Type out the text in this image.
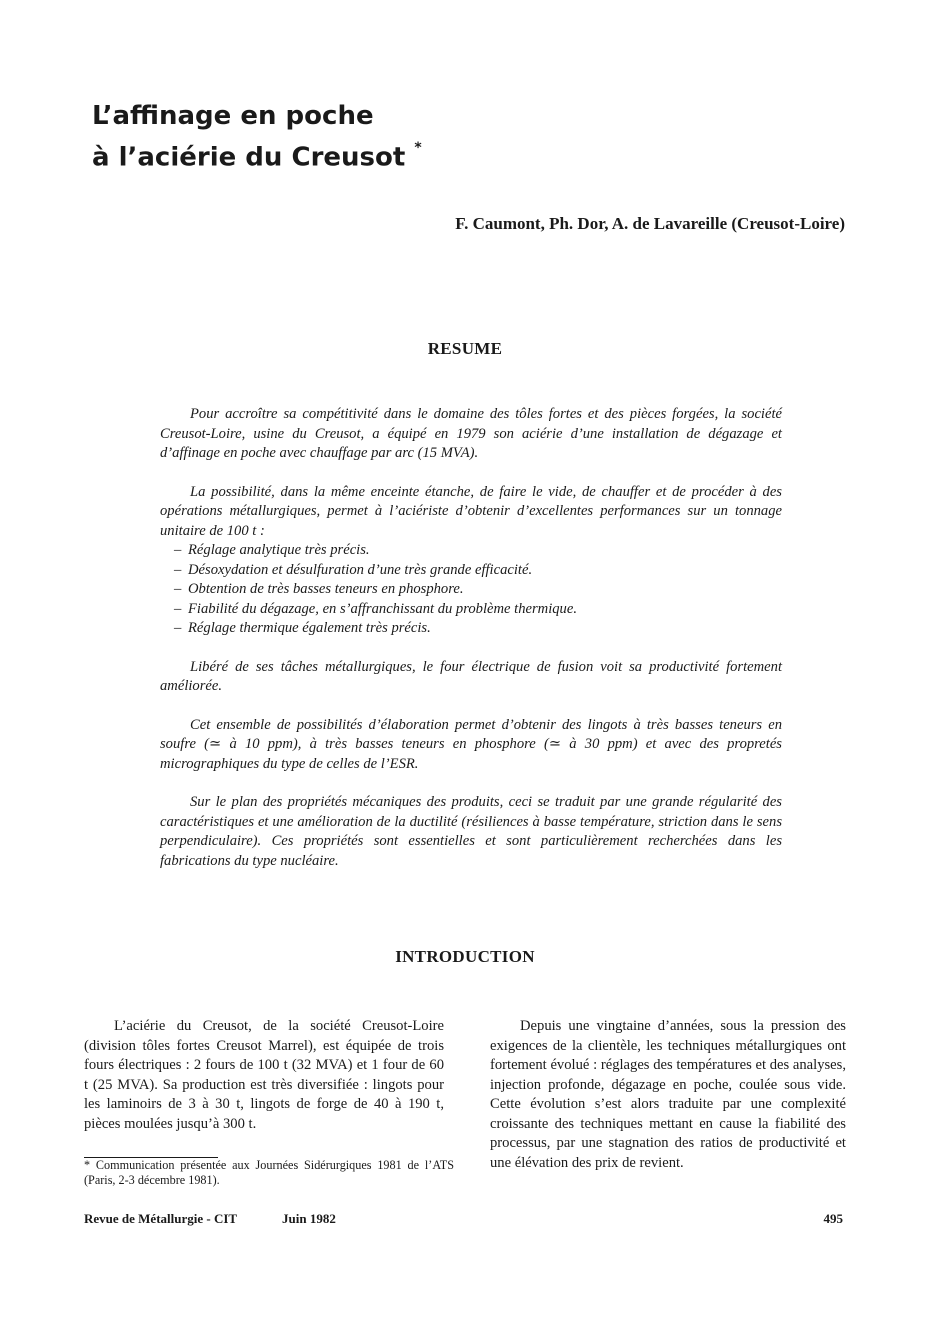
L’affinage en poche
à l’aciérie du Creusot *

F. Caumont, Ph. Dor, A. de Lavareille (Creusot-Loire)

RESUME

Pour accroître sa compétitivité dans le domaine des tôles fortes et des pièces forgées, la société Creusot-Loire, usine du Creusot, a équipé en 1979 son aciérie d’une installation de dégazage et d’affinage en poche avec chauffage par arc (15 MVA).

La possibilité, dans la même enceinte étanche, de faire le vide, de chauffer et de procéder à des opérations métallurgiques, permet à l’aciériste d’obtenir d’excellentes performances sur un tonnage unitaire de 100 t :

– Réglage analytique très précis.
– Désoxydation et désulfuration d’une très grande efficacité.
– Obtention de très basses teneurs en phosphore.
– Fiabilité du dégazage, en s’affranchissant du problème thermique.
– Réglage thermique également très précis.

Libéré de ses tâches métallurgiques, le four électrique de fusion voit sa productivité fortement améliorée.

Cet ensemble de possibilités d’élaboration permet d’obtenir des lingots à très basses teneurs en soufre (≃ à 10 ppm), à très basses teneurs en phosphore (≃ à 30 ppm) et avec des propretés micrographiques du type de celles de l’ESR.

Sur le plan des propriétés mécaniques des produits, ceci se traduit par une grande régularité des caractéristiques et une amélioration de la ductilité (résiliences à basse température, striction dans le sens perpendiculaire). Ces propriétés sont essentielles et sont particulièrement recherchées dans les fabrications du type nucléaire.

INTRODUCTION

L’aciérie du Creusot, de la société Creusot-Loire (division tôles fortes Creusot Marrel), est équipée de trois fours électriques : 2 fours de 100 t (32 MVA) et 1 four de 60 t (25 MVA). Sa production est très diversifiée : lingots pour les laminoirs de 3 à 30 t, lingots de forge de 40 à 190 t, pièces moulées jusqu’à 300 t.

Depuis une vingtaine d’années, sous la pression des exigences de la clientèle, les techniques métallurgiques ont fortement évolué : réglages des températures et des analyses, injection profonde, dégazage en poche, coulée sous vide. Cette évolution s’est alors traduite par une complexité croissante des techniques mettant en cause la fiabilité des processus, par une stagnation des ratios de productivité et une élévation des prix de revient.

* Communication présentée aux Journées Sidérurgiques 1981 de l’ATS (Paris, 2-3 décembre 1981).

Revue de Métallurgie - CIT	Juin 1982	495
